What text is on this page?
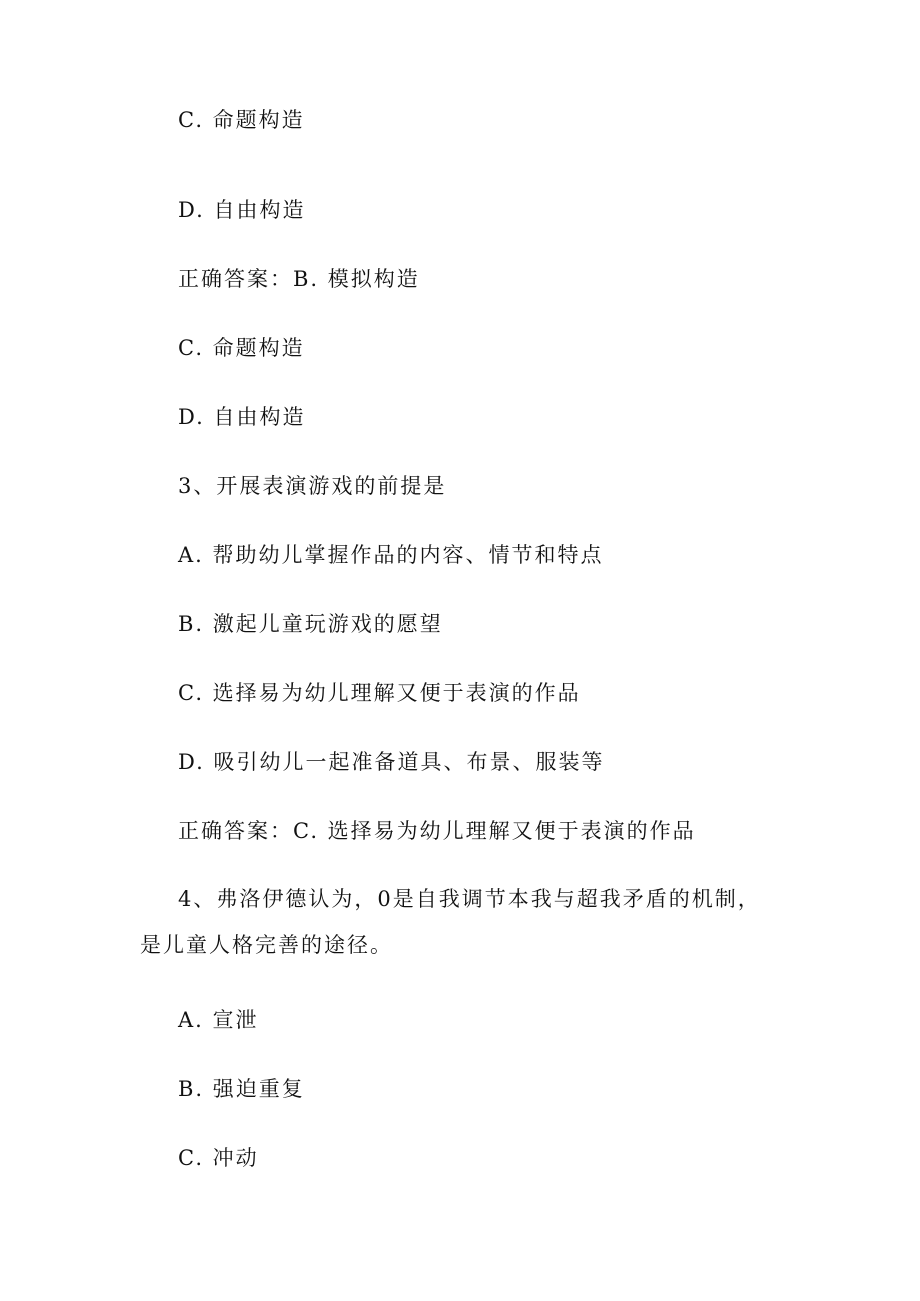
C. 命题构造
D. 自由构造
正确答案：B. 模拟构造
C. 命题构造
D. 自由构造
3、开展表演游戏的前提是
A. 帮助幼儿掌握作品的内容、情节和特点
B. 激起儿童玩游戏的愿望
C. 选择易为幼儿理解又便于表演的作品
D. 吸引幼儿一起准备道具、布景、服装等
正确答案：C. 选择易为幼儿理解又便于表演的作品
4、弗洛伊德认为，0是自我调节本我与超我矛盾的机制，是儿童人格完善的途径。
A. 宣泄
B. 强迫重复
C. 冲动
